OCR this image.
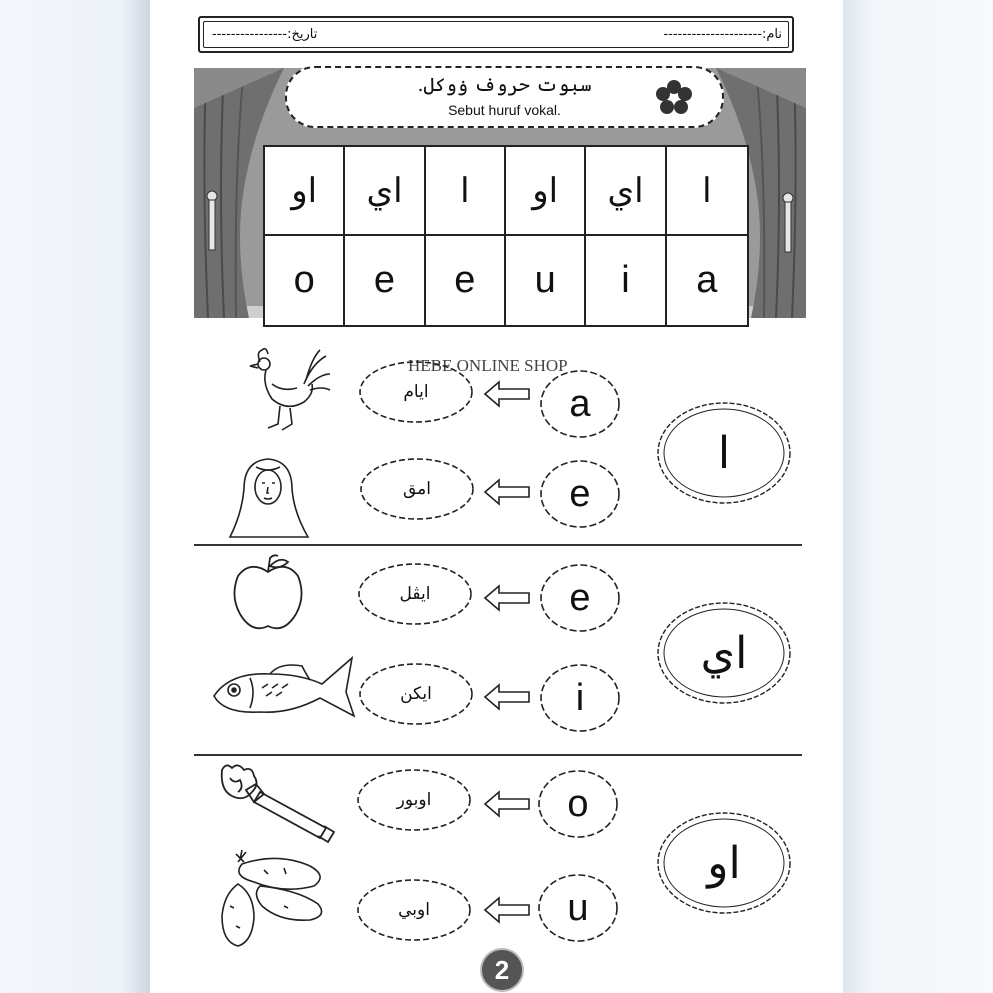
نام:---------------------
تاريخ:----------------
سبوت حروف ۏوكل.
Sebut huruf vokal.
او	اي	ا	او	اي	ا
o	e	e	u	i	a
ايام
امق
ايڤل
ايكن
اوبور
اوبي
a
e
e
i
o
u
ا
اي
او
HEBE ONLINE SHOP
2
